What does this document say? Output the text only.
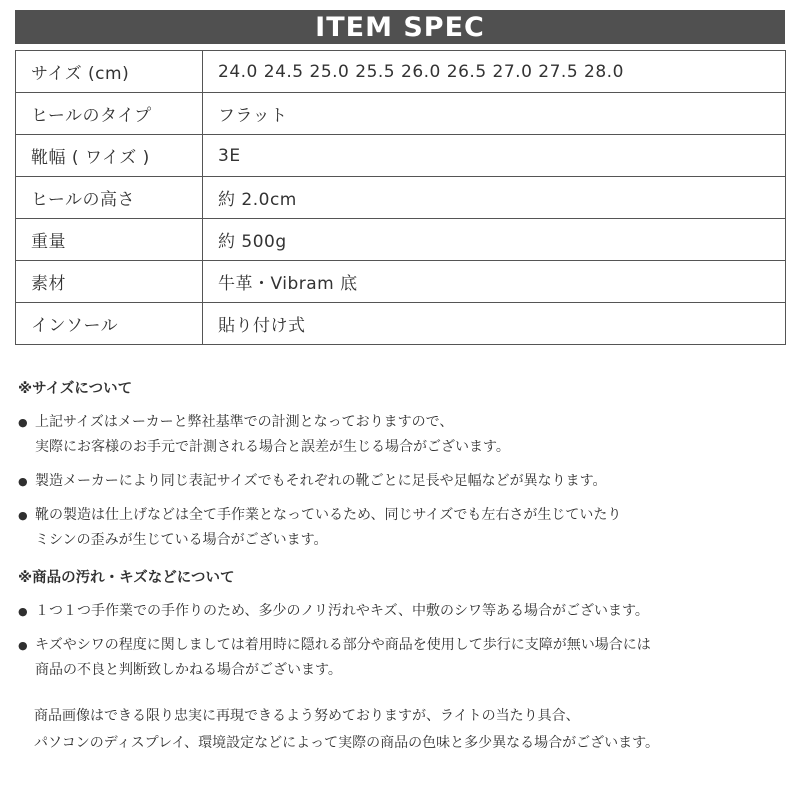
ITEM SPEC
サイズ (cm)	24.0 24.5 25.0 25.5 26.0 26.5 27.0 27.5 28.0
ヒールのタイプ	フラット
靴幅 ( ワイズ )	3E
ヒールの高さ	約 2.0cm
重量	約 500g
素材	牛革・Vibram 底
インソール	貼り付け式
※サイズについて
● 上記サイズはメーカーと弊社基準での計測となっておりますので、
実際にお客様のお手元で計測される場合と誤差が生じる場合がございます。
● 製造メーカーにより同じ表記サイズでもそれぞれの靴ごとに足長や足幅などが異なります。
● 靴の製造は仕上げなどは全て手作業となっているため、同じサイズでも左右さが生じていたり
ミシンの歪みが生じている場合がございます。
※商品の汚れ・キズなどについて
● １つ１つ手作業での手作りのため、多少のノリ汚れやキズ、中敷のシワ等ある場合がございます。
● キズやシワの程度に関しましては着用時に隠れる部分や商品を使用して歩行に支障が無い場合には
商品の不良と判断致しかねる場合がございます。
商品画像はできる限り忠実に再現できるよう努めておりますが、ライトの当たり具合、
パソコンのディスプレイ、環境設定などによって実際の商品の色味と多少異なる場合がございます。
